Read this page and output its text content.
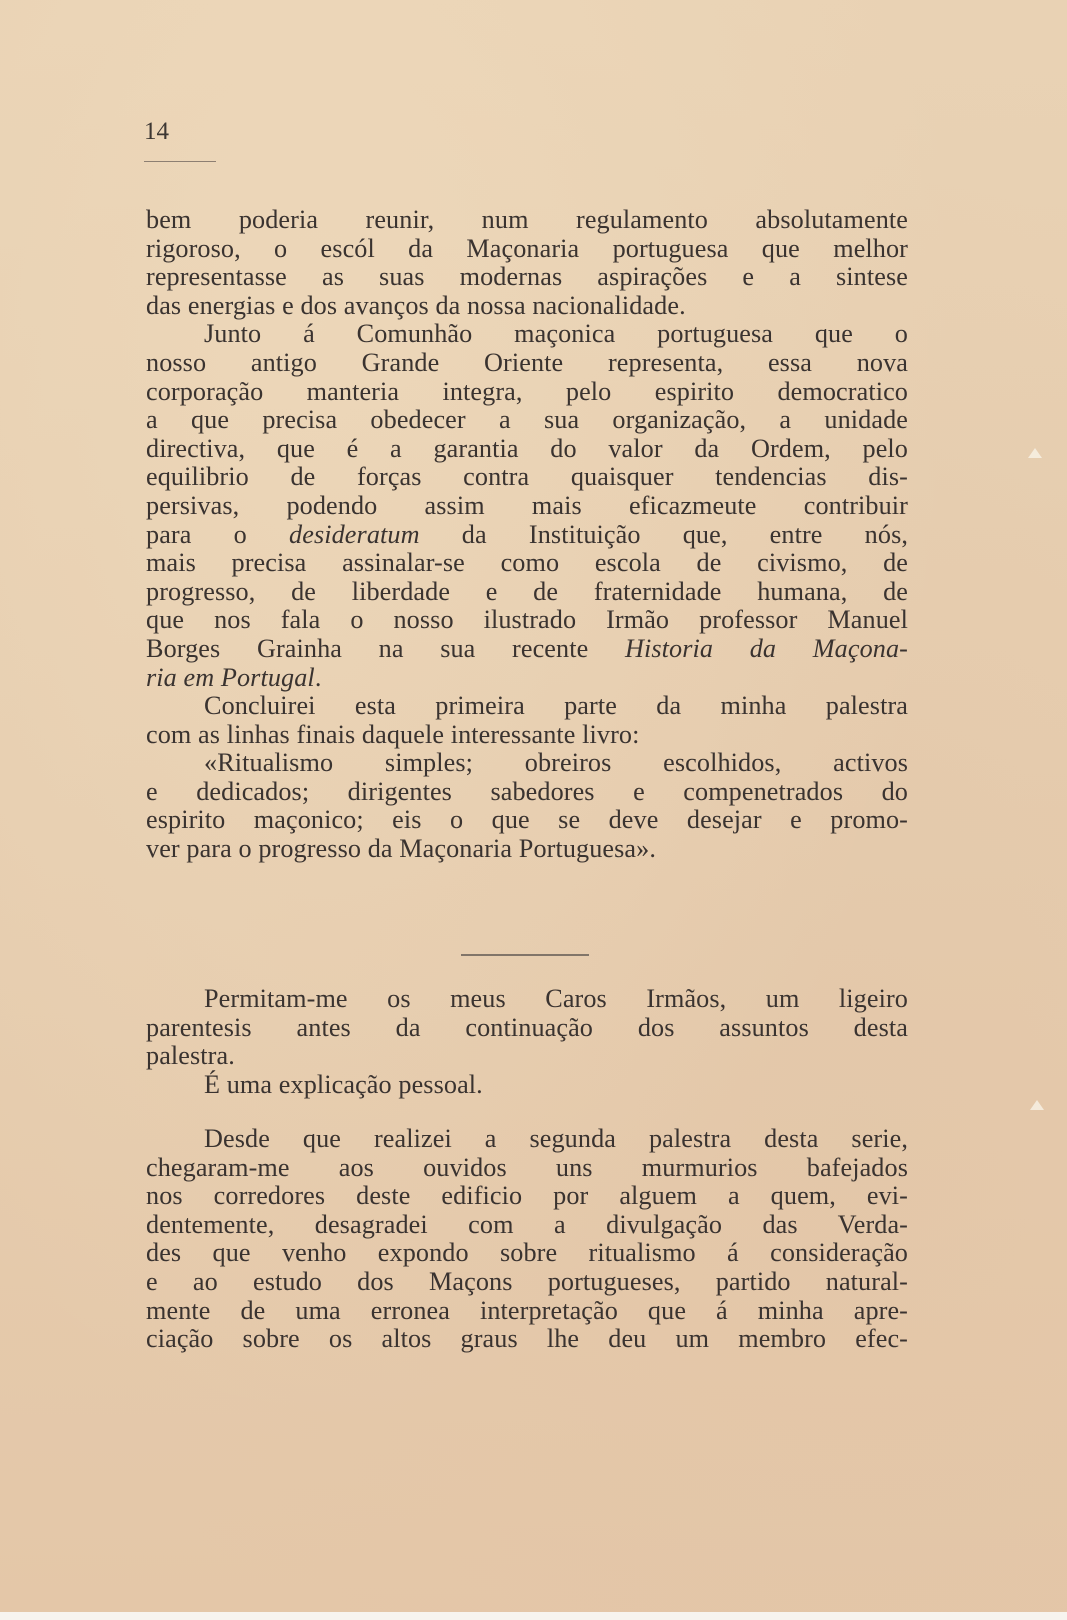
14
bem poderia reunir, num regulamento absolutamente
rigoroso, o escól da Maçonaria portuguesa que melhor
representasse as suas modernas aspirações e a sintese
das energias e dos avanços da nossa nacionalidade.
Junto á Comunhão maçonica portuguesa que o
nosso antigo Grande Oriente representa, essa nova
corporação manteria integra, pelo espirito democratico
a que precisa obedecer a sua organização, a unidade
directiva, que é a garantia do valor da Ordem, pelo
equilibrio de forças contra quaisquer tendencias dis-
persivas, podendo assim mais eficazmeute contribuir
para o desideratum da Instituição que, entre nós,
mais precisa assinalar-se como escola de civismo, de
progresso, de liberdade e de fraternidade humana, de
que nos fala o nosso ilustrado Irmão professor Manuel
Borges Grainha na sua recente Historia da Maçona-
ria em Portugal.
Concluirei esta primeira parte da minha palestra
com as linhas finais daquele interessante livro:
«Ritualismo simples; obreiros escolhidos, activos
e dedicados; dirigentes sabedores e compenetrados do
espirito maçonico; eis o que se deve desejar e promo-
ver para o progresso da Maçonaria Portuguesa».
Permitam-me os meus Caros Irmãos, um ligeiro
parentesis antes da continuação dos assuntos desta
palestra.
É uma explicação pessoal.
Desde que realizei a segunda palestra desta serie,
chegaram-me aos ouvidos uns murmurios bafejados
nos corredores deste edificio por alguem a quem, evi-
dentemente, desagradei com a divulgação das Verda-
des que venho expondo sobre ritualismo á consideração
e ao estudo dos Maçons portugueses, partido natural-
mente de uma erronea interpretação que á minha apre-
ciação sobre os altos graus lhe deu um membro efec-
